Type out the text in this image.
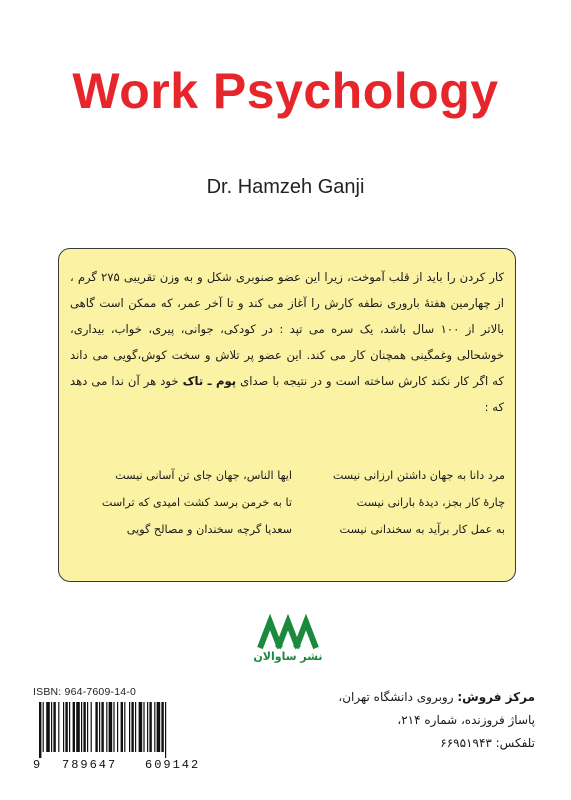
Work Psychology
Dr. Hamzeh Ganji

کار کردن را باید از قلب آموخت، زیرا این عضو صنوبری شکل و به وزن تقریبی ۲۷۵ گرم ، از چهارمین هفتهٔ باروری نطفه کارش را آغاز می کند و تا آخر عمر، که ممکن است گاهی بالاتر از ۱۰۰ سال باشد، یک سره می تپد : در کودکی، جوانی، پیری، خواب، بیداری، خوشحالی وغمگینی همچنان کار می کند. این عضو پر تلاش و سخت کوش،گویی می داند که اگر کار نکند کارش ساخته است و در نتیجه با صدای پوم ـ تاک خود هر آن ندا می دهد که :

ایها الناس، جهان جای تن آسانی نیست
تا به خرمن برسد کشت امیدی که تراست
سعدیا گرچه سخندان و مصالح گویی
مرد دانا به جهان داشتن ارزانی نیست
چارهٔ کار بجز، دیدهٔ بارانی نیست
به عمل کار برآید به سخندانی نیست
نشر ساوالان
ISBN: 964-7609-14-0
9 789647 609142
مرکز فروش: روبروی دانشگاه تهران،
پاساژ فروزنده، شماره ۲۱۴،
تلفکس: ۶۶۹۵۱۹۴۳
